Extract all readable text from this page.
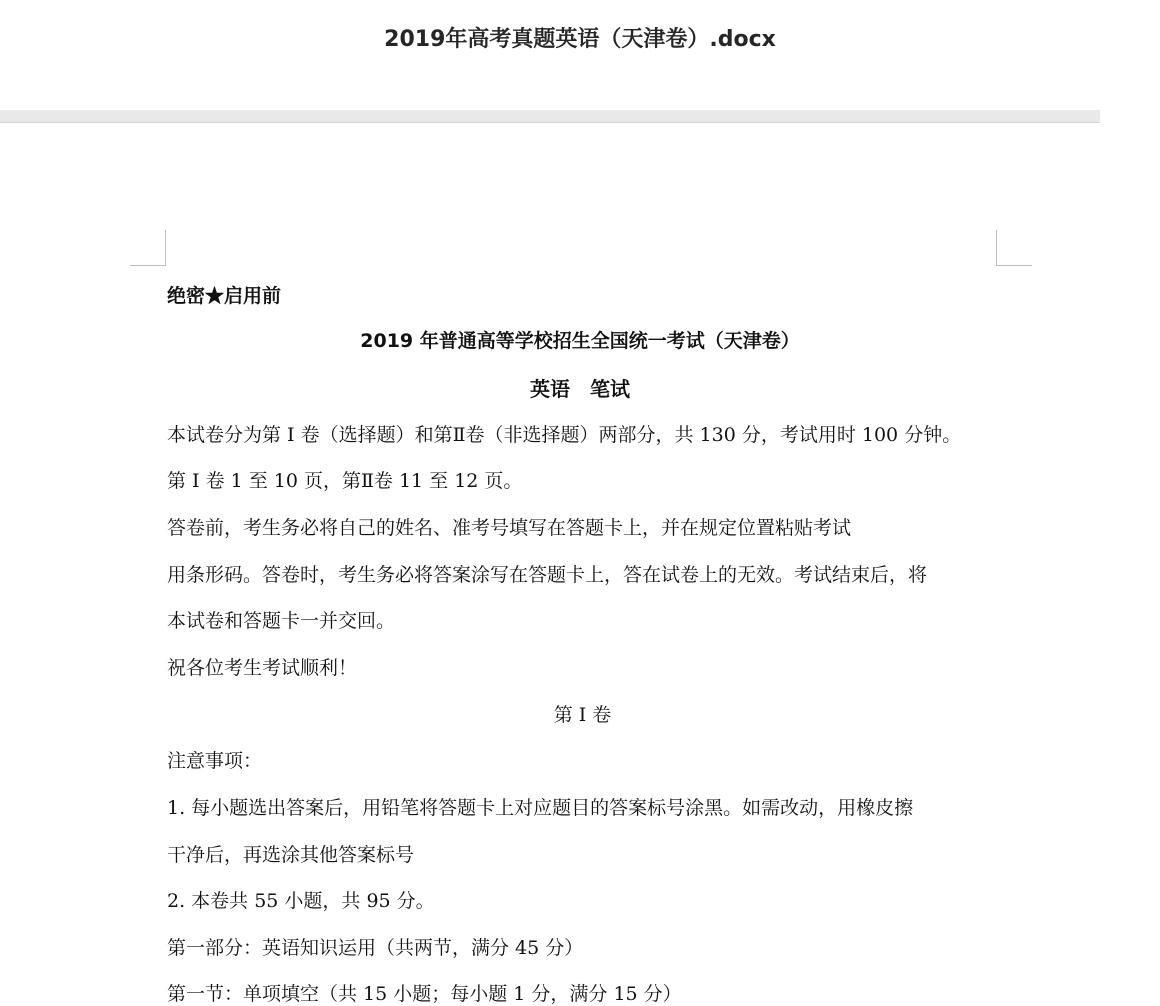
2019年高考真题英语（天津卷）.docx
绝密★启用前
2019 年普通高等学校招生全国统一考试（天津卷）
英语　笔试
本试卷分为第 I 卷（选择题）和第Ⅱ卷（非选择题）两部分，共 130 分，考试用时 100 分钟。
第 I 卷 1 至 10 页，第Ⅱ卷 11 至 12 页。
答卷前，考生务必将自己的姓名、准考号填写在答题卡上，并在规定位置粘贴考试
用条形码。答卷时，考生务必将答案涂写在答题卡上，答在试卷上的无效。考试结束后，将
本试卷和答题卡一并交回。
祝各位考生考试顺利！
第 I 卷
注意事项：
1. 每小题选出答案后，用铅笔将答题卡上对应题目的答案标号涂黑。如需改动，用橡皮擦
干净后，再选涂其他答案标号
2. 本卷共 55 小题，共 95 分。
第一部分：英语知识运用（共两节，满分 45 分）
第一节：单项填空（共 15 小题；每小题 1 分，满分 15 分）
